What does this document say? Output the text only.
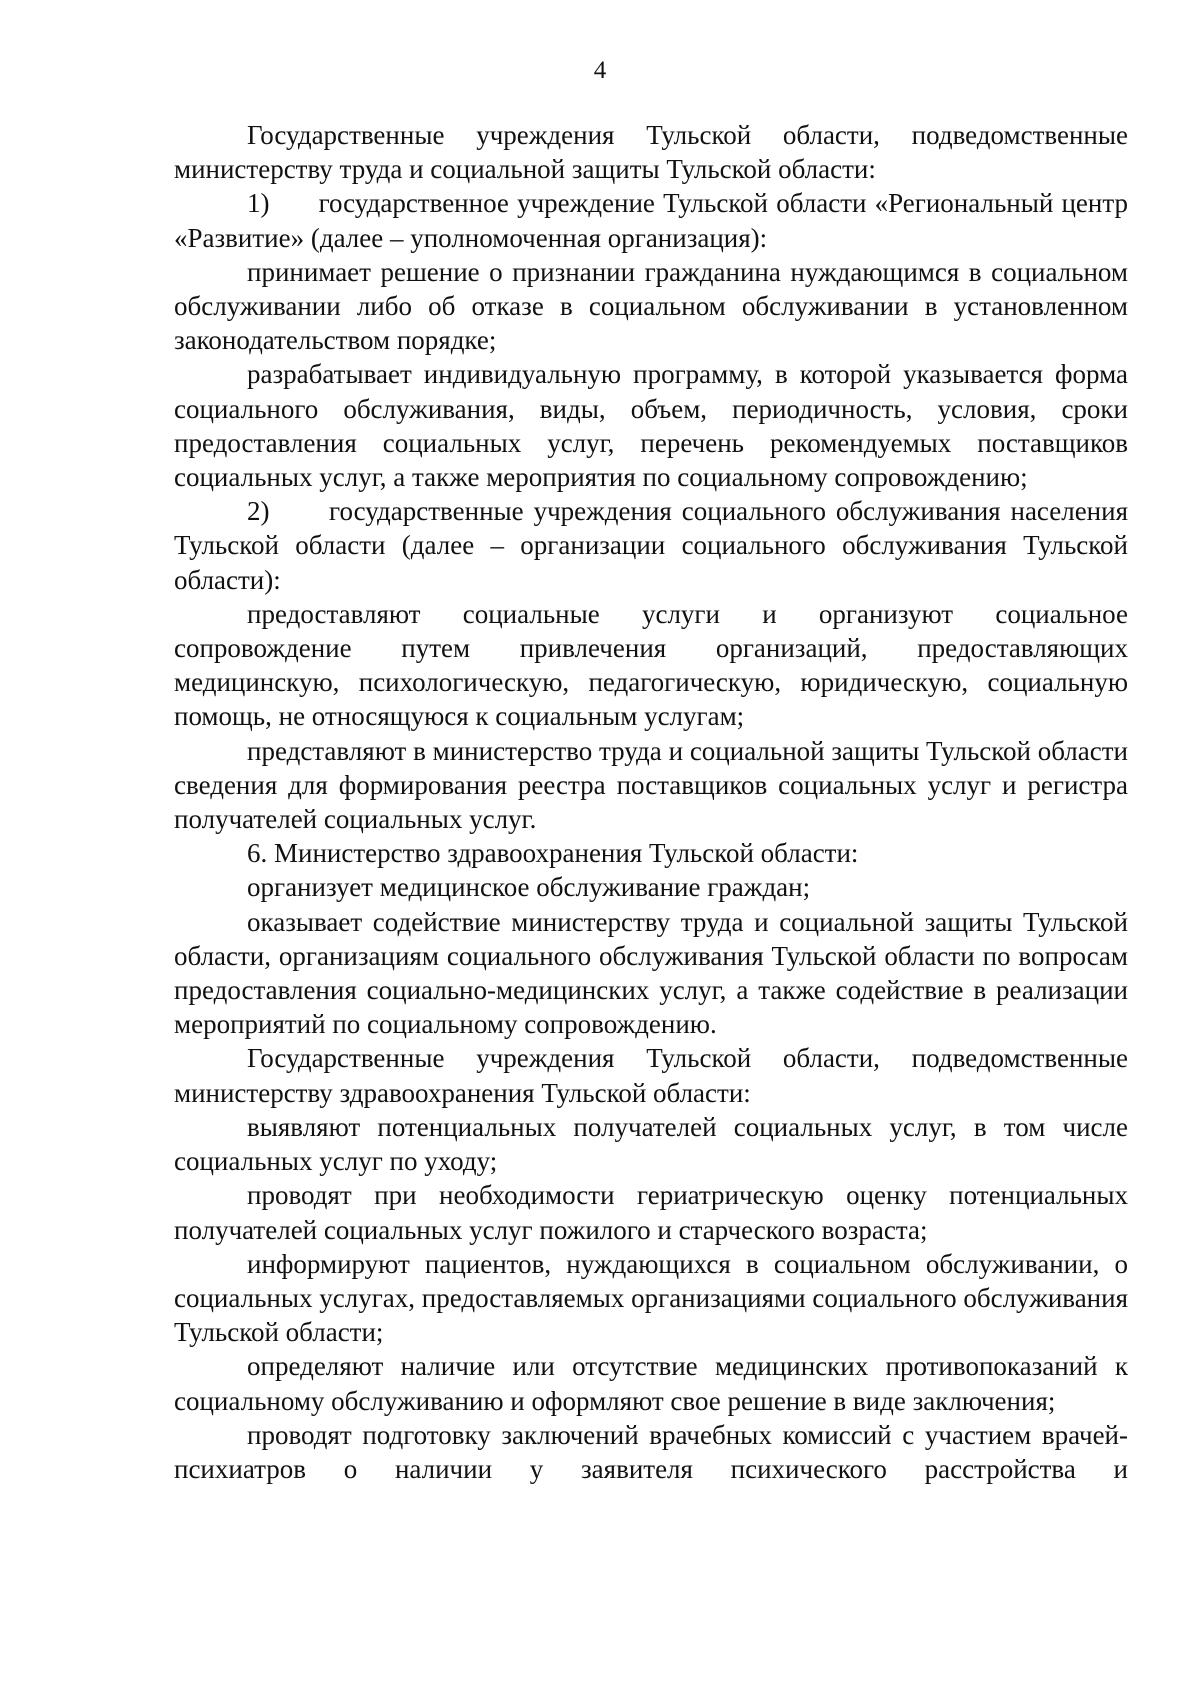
4

Государственные учреждения Тульской области, подведомственные министерству труда и социальной защиты Тульской области:

1)      государственное учреждение Тульской области «Региональный центр «Развитие» (далее – уполномоченная организация):

принимает решение о признании гражданина нуждающимся в социальном обслуживании либо об отказе в социальном обслуживании в установленном законодательством порядке;

разрабатывает индивидуальную программу, в которой указывается форма социального обслуживания, виды, объем, периодичность, условия, сроки предоставления социальных услуг, перечень рекомендуемых поставщиков социальных услуг, а также мероприятия по социальному сопровождению;

2)      государственные учреждения социального обслуживания населения Тульской области (далее – организации социального обслуживания Тульской области):

предоставляют социальные услуги и организуют социальное сопровождение путем привлечения организаций, предоставляющих медицинскую, психологическую, педагогическую, юридическую, социальную помощь, не относящуюся к социальным услугам;

представляют в министерство труда и социальной защиты Тульской области сведения для формирования реестра поставщиков социальных услуг и регистра получателей социальных услуг.

6. Министерство здравоохранения Тульской области:

организует медицинское обслуживание граждан;

оказывает содействие министерству труда и социальной защиты Тульской области, организациям социального обслуживания Тульской области по вопросам предоставления социально-медицинских услуг, а также содействие в реализации мероприятий по социальному сопровождению.

Государственные учреждения Тульской области, подведомственные министерству здравоохранения Тульской области:

выявляют потенциальных получателей социальных услуг, в том числе социальных услуг по уходу;

проводят при необходимости гериатрическую оценку потенциальных получателей социальных услуг пожилого и старческого возраста;

информируют пациентов, нуждающихся в социальном обслуживании, о социальных услугах, предоставляемых организациями социального обслуживания Тульской области;

определяют наличие или отсутствие медицинских противопоказаний к социальному обслуживанию и оформляют свое решение в виде заключения;

проводят подготовку заключений врачебных комиссий с участием врачей-психиатров о наличии у заявителя психического расстройства и
